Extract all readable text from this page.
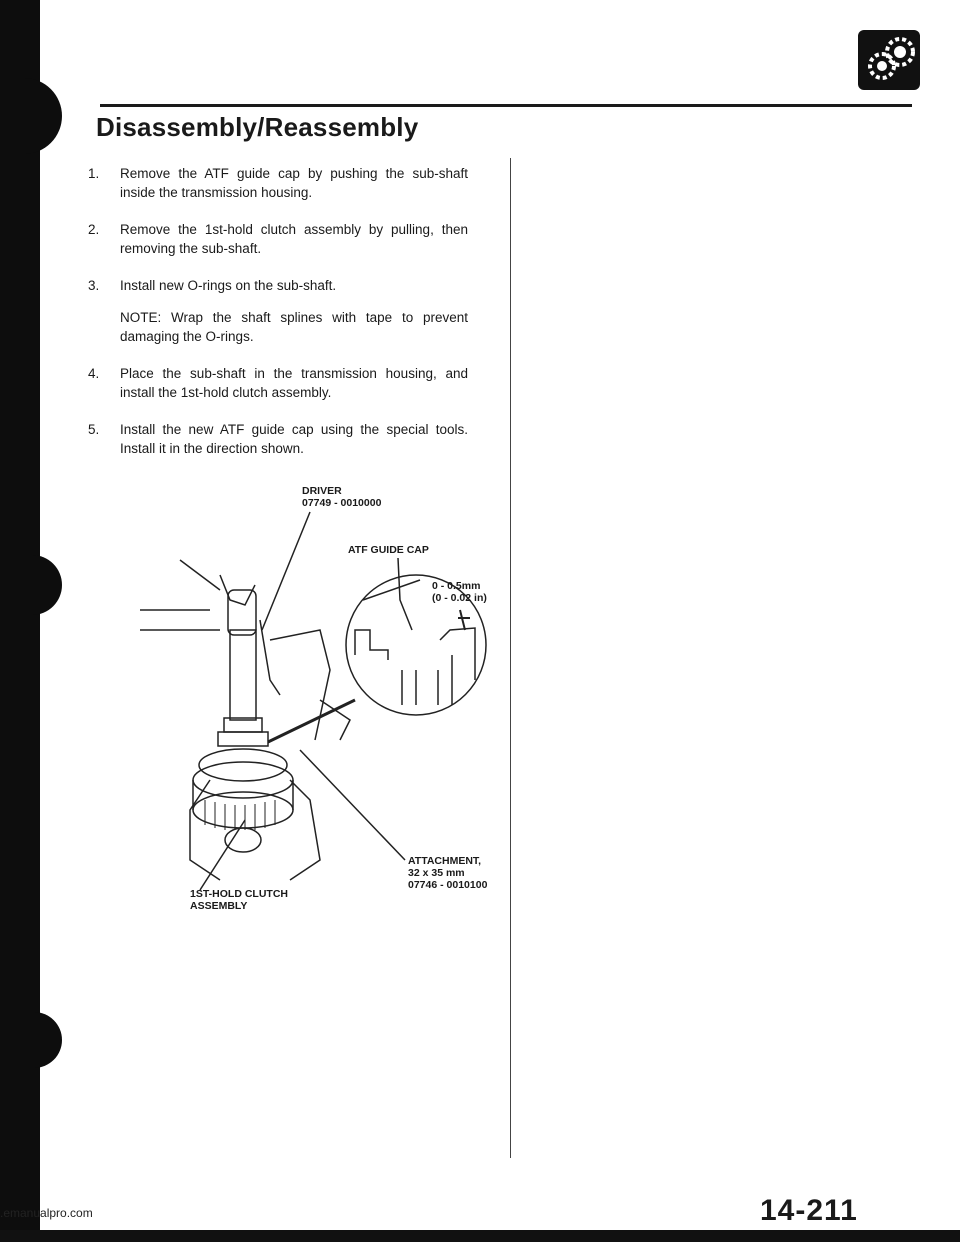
Disassembly/Reassembly
1. Remove the ATF guide cap by pushing the sub-shaft inside the transmission housing.
2. Remove the 1st-hold clutch assembly by pulling, then removing the sub-shaft.
3. Install new O-rings on the sub-shaft.
NOTE: Wrap the shaft splines with tape to prevent damaging the O-rings.
4. Place the sub-shaft in the transmission housing, and install the 1st-hold clutch assembly.
5. Install the new ATF guide cap using the special tools. Install it in the direction shown.
DRIVER
07749 - 0010000
ATF GUIDE CAP
0 - 0.5mm
(0 - 0.02 in)
ATTACHMENT,
32 x 35 mm
07746 - 0010100
1ST-HOLD CLUTCH
ASSEMBLY
14-211
.emanualpro.com
